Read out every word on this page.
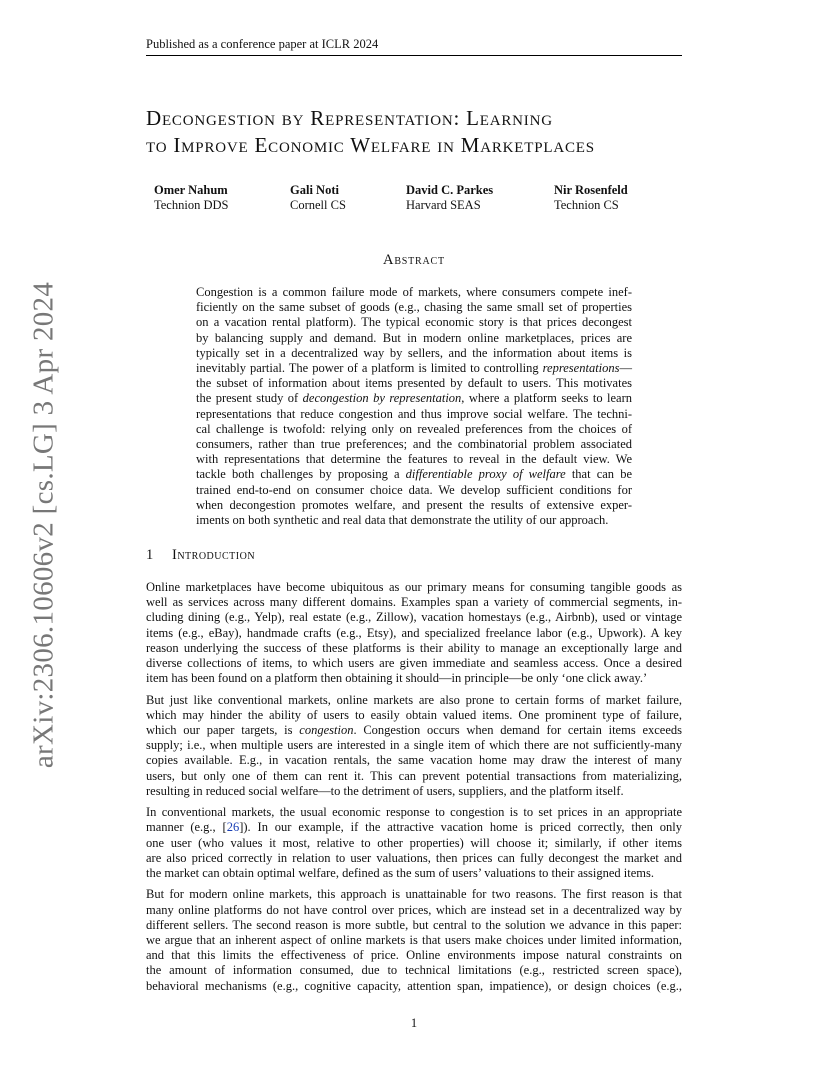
Published as a conference paper at ICLR 2024
arXiv:2306.10606v2 [cs.LG] 3 Apr 2024
Decongestion by Representation: Learning
to Improve Economic Welfare in Marketplaces
Omer Nahum
Technion DDS
Gali Noti
Cornell CS
David C. Parkes
Harvard SEAS
Nir Rosenfeld
Technion CS
Abstract
Congestion is a common failure mode of markets, where consumers compete inef-
ficiently on the same subset of goods (e.g., chasing the same small set of properties
on a vacation rental platform). The typical economic story is that prices decongest
by balancing supply and demand. But in modern online marketplaces, prices are
typically set in a decentralized way by sellers, and the information about items is
inevitably partial. The power of a platform is limited to controlling representations—
the subset of information about items presented by default to users. This motivates
the present study of decongestion by representation, where a platform seeks to learn
representations that reduce congestion and thus improve social welfare. The techni-
cal challenge is twofold: relying only on revealed preferences from the choices of
consumers, rather than true preferences; and the combinatorial problem associated
with representations that determine the features to reveal in the default view. We
tackle both challenges by proposing a differentiable proxy of welfare that can be
trained end-to-end on consumer choice data. We develop sufficient conditions for
when decongestion promotes welfare, and present the results of extensive exper-
iments on both synthetic and real data that demonstrate the utility of our approach.
1 Introduction
Online marketplaces have become ubiquitous as our primary means for consuming tangible goods as
well as services across many different domains. Examples span a variety of commercial segments, in-
cluding dining (e.g., Yelp), real estate (e.g., Zillow), vacation homestays (e.g., Airbnb), used or vintage
items (e.g., eBay), handmade crafts (e.g., Etsy), and specialized freelance labor (e.g., Upwork). A key
reason underlying the success of these platforms is their ability to manage an exceptionally large and
diverse collections of items, to which users are given immediate and seamless access. Once a desired
item has been found on a platform then obtaining it should—in principle—be only ‘one click away.’
But just like conventional markets, online markets are also prone to certain forms of market failure,
which may hinder the ability of users to easily obtain valued items. One prominent type of failure,
which our paper targets, is congestion. Congestion occurs when demand for certain items exceeds
supply; i.e., when multiple users are interested in a single item of which there are not sufficiently-many
copies available. E.g., in vacation rentals, the same vacation home may draw the interest of many
users, but only one of them can rent it. This can prevent potential transactions from materializing,
resulting in reduced social welfare—to the detriment of users, suppliers, and the platform itself.
In conventional markets, the usual economic response to congestion is to set prices in an appropriate
manner (e.g., [26]). In our example, if the attractive vacation home is priced correctly, then only
one user (who values it most, relative to other properties) will choose it; similarly, if other items
are also priced correctly in relation to user valuations, then prices can fully decongest the market and
the market can obtain optimal welfare, defined as the sum of users’ valuations to their assigned items.
But for modern online markets, this approach is unattainable for two reasons. The first reason is that
many online platforms do not have control over prices, which are instead set in a decentralized way by
different sellers. The second reason is more subtle, but central to the solution we advance in this paper:
we argue that an inherent aspect of online markets is that users make choices under limited information,
and that this limits the effectiveness of price. Online environments impose natural constraints on
the amount of information consumed, due to technical limitations (e.g., restricted screen space),
behavioral mechanisms (e.g., cognitive capacity, attention span, impatience), or design choices (e.g.,
1
